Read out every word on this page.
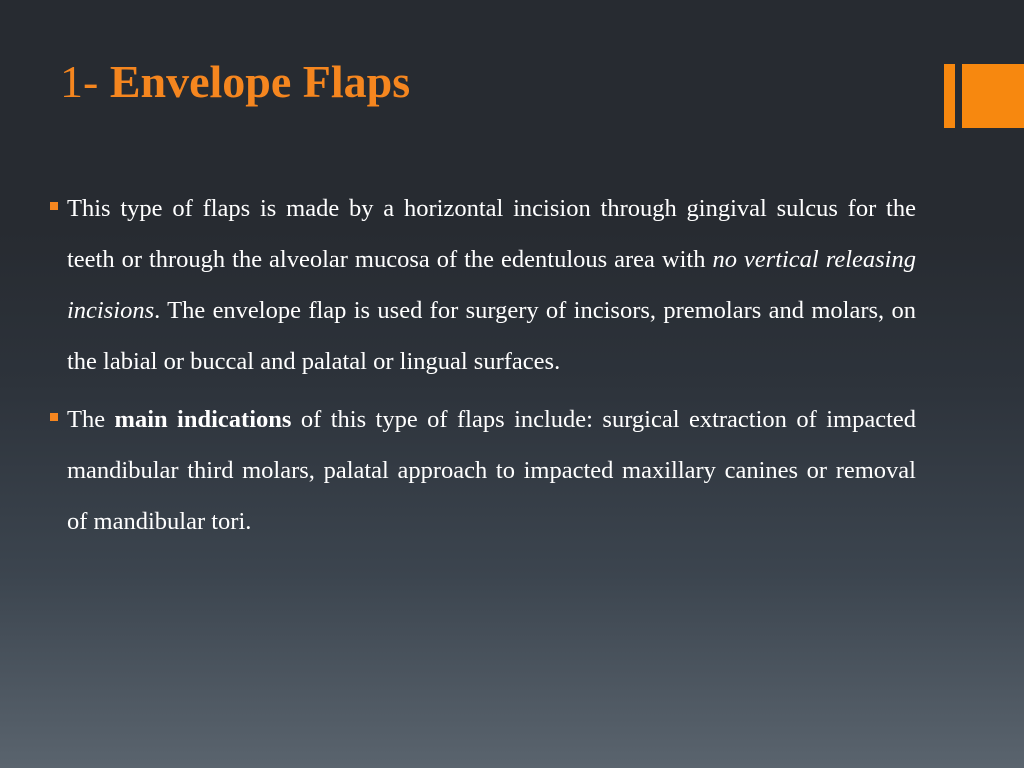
1- Envelope Flaps

This type of flaps is made by a horizontal incision through gingival sulcus for the teeth or through the alveolar mucosa of the edentulous area with no vertical releasing incisions. The envelope flap is used for surgery of incisors, premolars and molars, on the labial or buccal and palatal or lingual surfaces.

The main indications of this type of flaps include: surgical extraction of impacted mandibular third molars, palatal approach to impacted maxillary canines or removal of mandibular tori.
